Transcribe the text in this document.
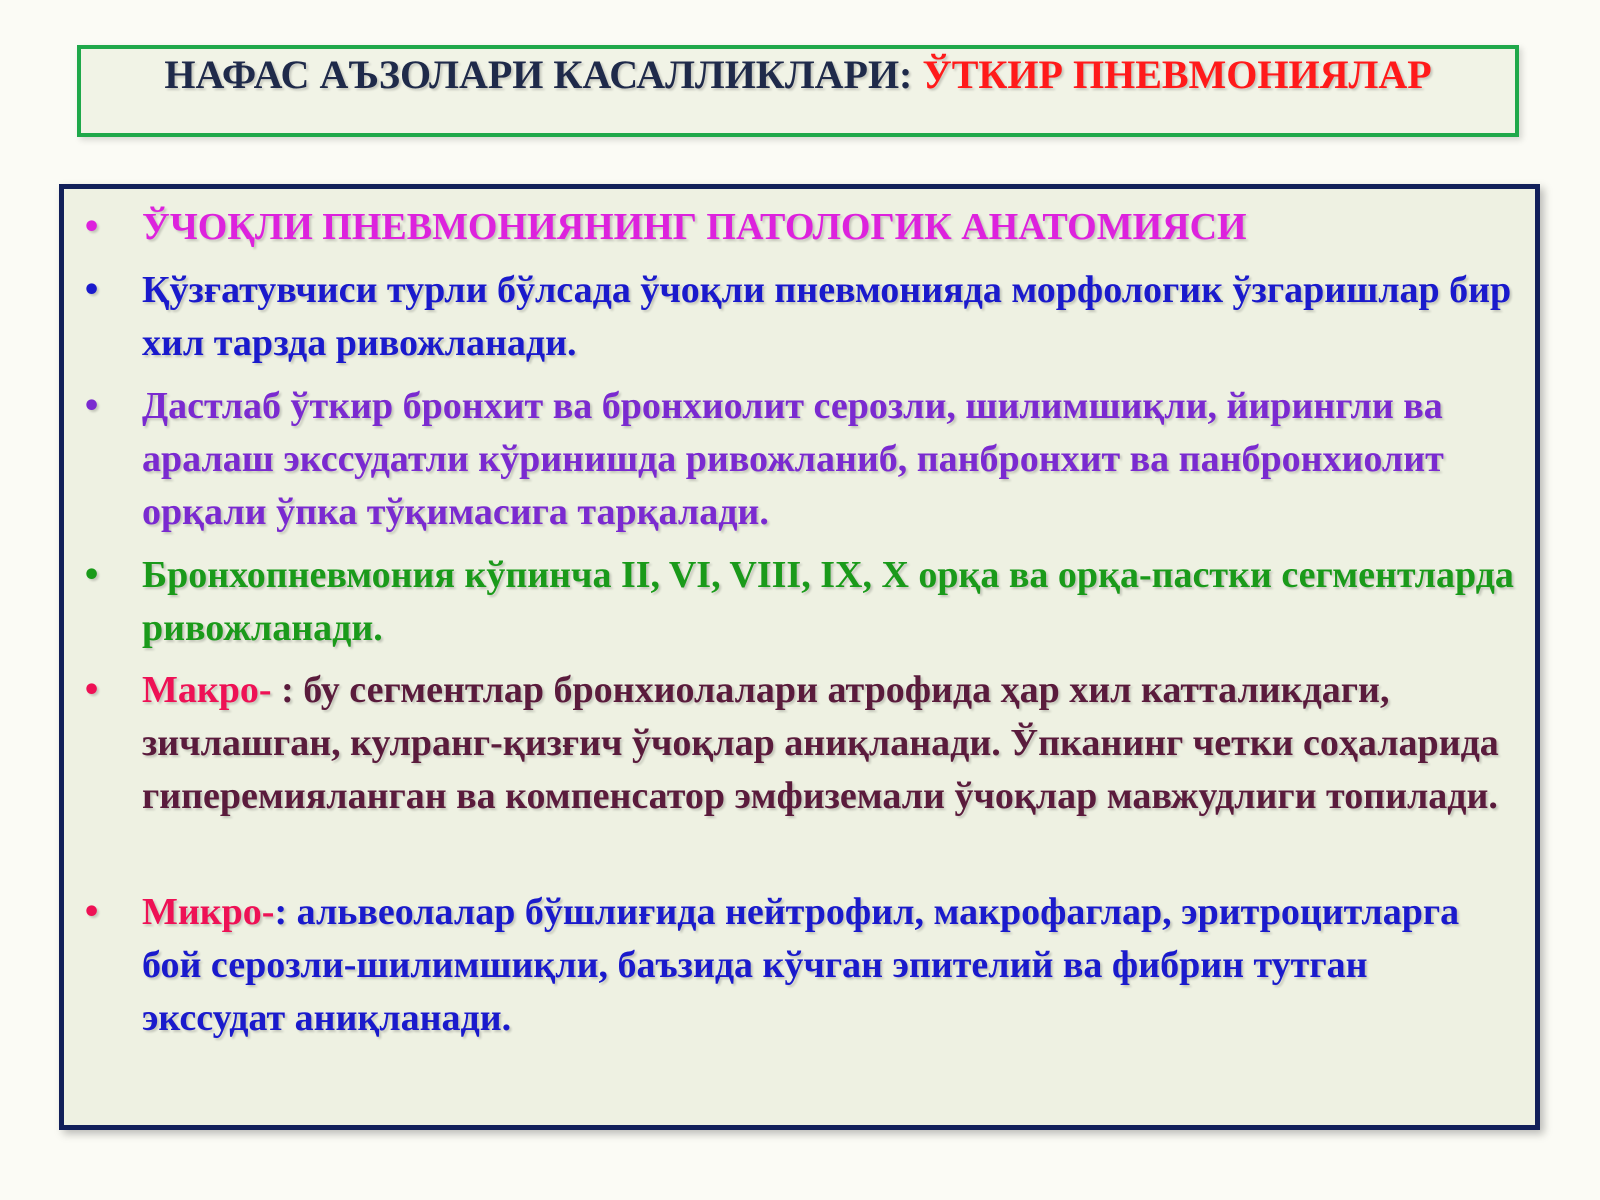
НАФАС АЪЗОЛАРИ КАСАЛЛИКЛАРИ: ЎТКИР ПНЕВМОНИЯЛАР
• ЎЧОҚЛИ ПНЕВМОНИЯНИНГ ПАТОЛОГИК АНАТОМИЯСИ
• Қўзғатувчиси турли бўлсада ўчоқли пневмонияда морфологик ўзгаришлар бир хил тарзда ривожланади.
• Дастлаб ўткир бронхит ва бронхиолит серозли, шилимшиқли, йирингли ва аралаш экссудатли кўринишда ривожланиб, панбронхит ва панбронхиолит орқали ўпка тўқимасига тарқалади.
• Бронхопневмония кўпинча II, VI, VIII, IX, X орқа ва орқа-пастки сегментларда ривожланади.
• Макро- : бу сегментлар бронхиолалари атрофида ҳар хил катталикдаги, зичлашган, кулранг-қизғич ўчоқлар аниқланади. Ўпканинг четки соҳаларида гиперемияланган ва компенсатор эмфиземали ўчоқлар мавжудлиги топилади.
• Микро-: альвеолалар бўшлиғида нейтрофил, макрофаглар, эритроцитларга бой серозли-шилимшиқли, баъзида кўчган эпителий ва фибрин тутган экссудат аниқланади.
